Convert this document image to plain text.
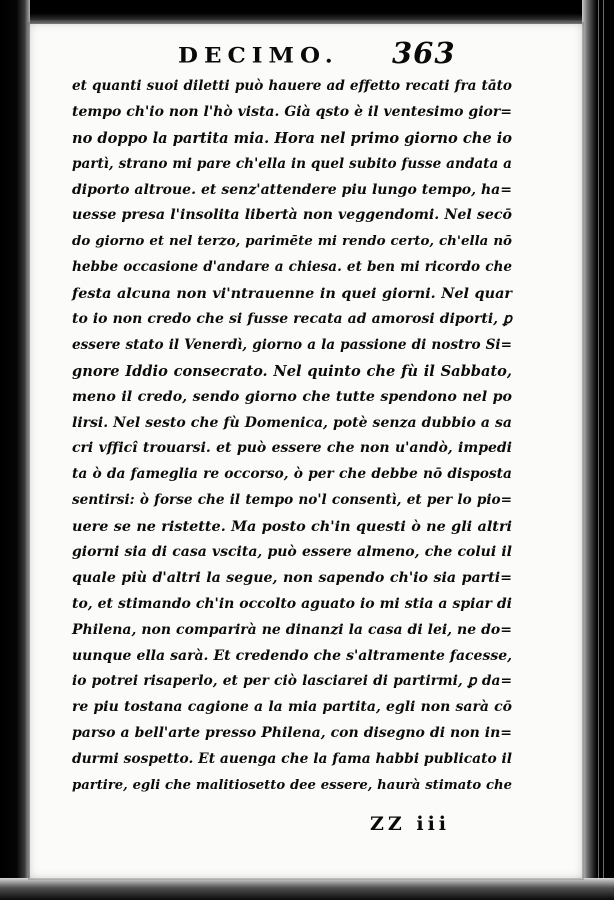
DECIMO. 363
et quanti suoi diletti può hauere ad effetto recati fra tāto
tempo ch'io non l'hò vista. Già qsto è il ventesimo gior=
no doppo la partita mia. Hora nel primo giorno che io
partì, strano mi pare ch'ella in quel subito fusse andata a
diporto altroue. et senz'attendere piu lungo tempo, ha=
uesse presa l'insolita libertà non veggendomi. Nel secō
do giorno et nel terzo, parimēte mi rendo certo, ch'ella nō
hebbe occasione d'andare a chiesa. et ben mi ricordo che
festa alcuna non vi'ntrauenne in quei giorni. Nel quar
to io non credo che si fusse recata ad amorosi diporti, ꝑ
essere stato il Venerdì, giorno a la passione di nostro Si=
gnore Iddio consecrato. Nel quinto che fù il Sabbato,
meno il credo, sendo giorno che tutte spendono nel po
lirsi. Nel sesto che fù Domenica, potè senza dubbio a sa
cri vfficî trouarsi. et può essere che non u'andò, impedi
ta ò da fameglia re occorso, ò per che debbe nō disposta
sentirsi: ò forse che il tempo no'l consentì, et per lo pio=
uere se ne ristette. Ma posto ch'in questi ò ne gli altri
giorni sia di casa vscita, può essere almeno, che colui il
quale più d'altri la segue, non sapendo ch'io sia parti=
to, et stimando ch'in occolto aguato io mi stia a spiar di
Philena, non comparirà ne dinanzi la casa di lei, ne do=
uunque ella sarà. Et credendo che s'altramente facesse,
io potrei risaperlo, et per ciò lasciarei di partirmi, ꝑ da=
re piu tostana cagione a la mia partita, egli non sarà cō
parso a bell'arte presso Philena, con disegno di non in=
durmi sospetto. Et auenga che la fama habbi publicato il
partire, egli che malitiosetto dee essere, haurà stimato che
ZZ iii
